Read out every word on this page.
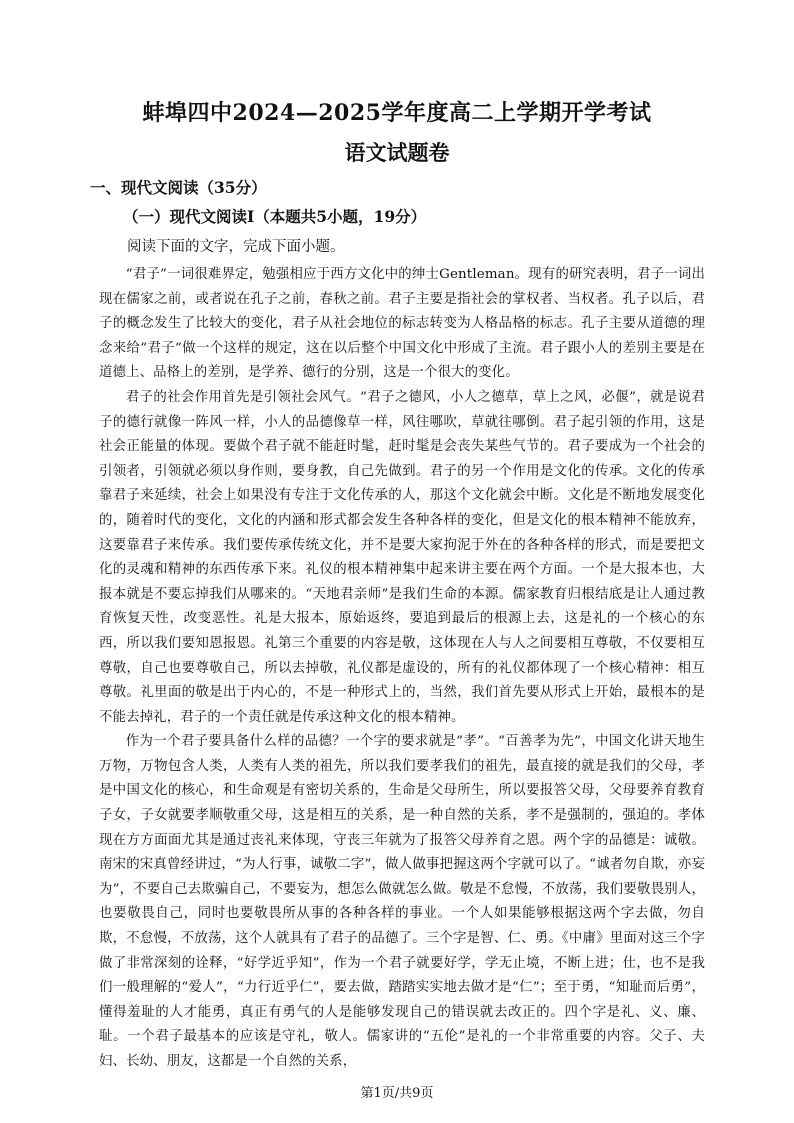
蚌埠四中2024—2025学年度高二上学期开学考试
语文试题卷
一、现代文阅读（35分）
（一）现代文阅读Ⅰ（本题共5小题，19分）
阅读下面的文字，完成下面小题。

“君子”一词很难界定，勉强相应于西方文化中的绅士Gentleman。现有的研究表明，君子一词出现在儒家之前，或者说在孔子之前，春秋之前。君子主要是指社会的掌权者、当权者。孔子以后，君子的概念发生了比较大的变化，君子从社会地位的标志转变为人格品格的标志。孔子主要从道德的理念来给“君子”做一个这样的规定，这在以后整个中国文化中形成了主流。君子跟小人的差别主要是在道德上、品格上的差别，是学养、德行的分别，这是一个很大的变化。

君子的社会作用首先是引领社会风气。“君子之德风，小人之德草，草上之风，必偃”，就是说君子的德行就像一阵风一样，小人的品德像草一样，风往哪吹，草就往哪倒。君子起引领的作用，这是社会正能量的体现。要做个君子就不能赶时髦，赶时髦是会丧失某些气节的。君子要成为一个社会的引领者，引领就必须以身作则，要身教，自己先做到。君子的另一个作用是文化的传承。文化的传承靠君子来延续，社会上如果没有专注于文化传承的人，那这个文化就会中断。文化是不断地发展变化的，随着时代的变化，文化的内涵和形式都会发生各种各样的变化，但是文化的根本精神不能放弃，这要靠君子来传承。我们要传承传统文化，并不是要大家拘泥于外在的各种各样的形式，而是要把文化的灵魂和精神的东西传承下来。礼仪的根本精神集中起来讲主要在两个方面。一个是大报本也，大报本就是不要忘掉我们从哪来的。“天地君亲师”是我们生命的本源。儒家教育归根结底是让人通过教育恢复天性，改变恶性。礼是大报本，原始返终，要追到最后的根源上去，这是礼的一个核心的东西，所以我们要知恩报恩。礼第三个重要的内容是敬，这体现在人与人之间要相互尊敬，不仅要相互尊敬，自己也要尊敬自己，所以去掉敬，礼仪都是虚设的，所有的礼仪都体现了一个核心精神：相互尊敬。礼里面的敬是出于内心的，不是一种形式上的，当然，我们首先要从形式上开始，最根本的是不能去掉礼，君子的一个责任就是传承这种文化的根本精神。

作为一个君子要具备什么样的品德？一个字的要求就是“孝”。“百善孝为先”，中国文化讲天地生万物，万物包含人类，人类有人类的祖先，所以我们要孝我们的祖先，最直接的就是我们的父母，孝是中国文化的核心，和生命观是有密切关系的，生命是父母所生，所以要报答父母，父母要养育教育子女，子女就要孝顺敬重父母，这是相互的关系，是一种自然的关系，孝不是强制的，强迫的。孝体现在方方面面尤其是通过丧礼来体现，守丧三年就为了报答父母养育之恩。两个字的品德是：诚敬。南宋的宋真曾经讲过，“为人行事，诚敬二字”，做人做事把握这两个字就可以了。“诚者勿自欺，亦妄为”，不要自己去欺骗自己，不要妄为，想怎么做就怎么做。敬是不怠慢，不放荡，我们要敬畏别人，也要敬畏自己，同时也要敬畏所从事的各种各样的事业。一个人如果能够根据这两个字去做，勿自欺，不怠慢，不放荡，这个人就具有了君子的品德了。三个字是智、仁、勇。《中庸》里面对这三个字做了非常深刻的诠释，“好学近乎知”，作为一个君子就要好学，学无止境，不断上进；仕，也不是我们一般理解的“爱人”，“力行近乎仁”，要去做，踏踏实实地去做才是“仁”；至于勇，“知耻而后勇”，懂得羞耻的人才能勇，真正有勇气的人是能够发现自己的错误就去改正的。四个字是礼、义、廉、耻。一个君子最基本的应该是守礼，敬人。儒家讲的“五伦”是礼的一个非常重要的内容。父子、夫妇、长幼、朋友，这都是一个自然的关系，

第1页/共9页
